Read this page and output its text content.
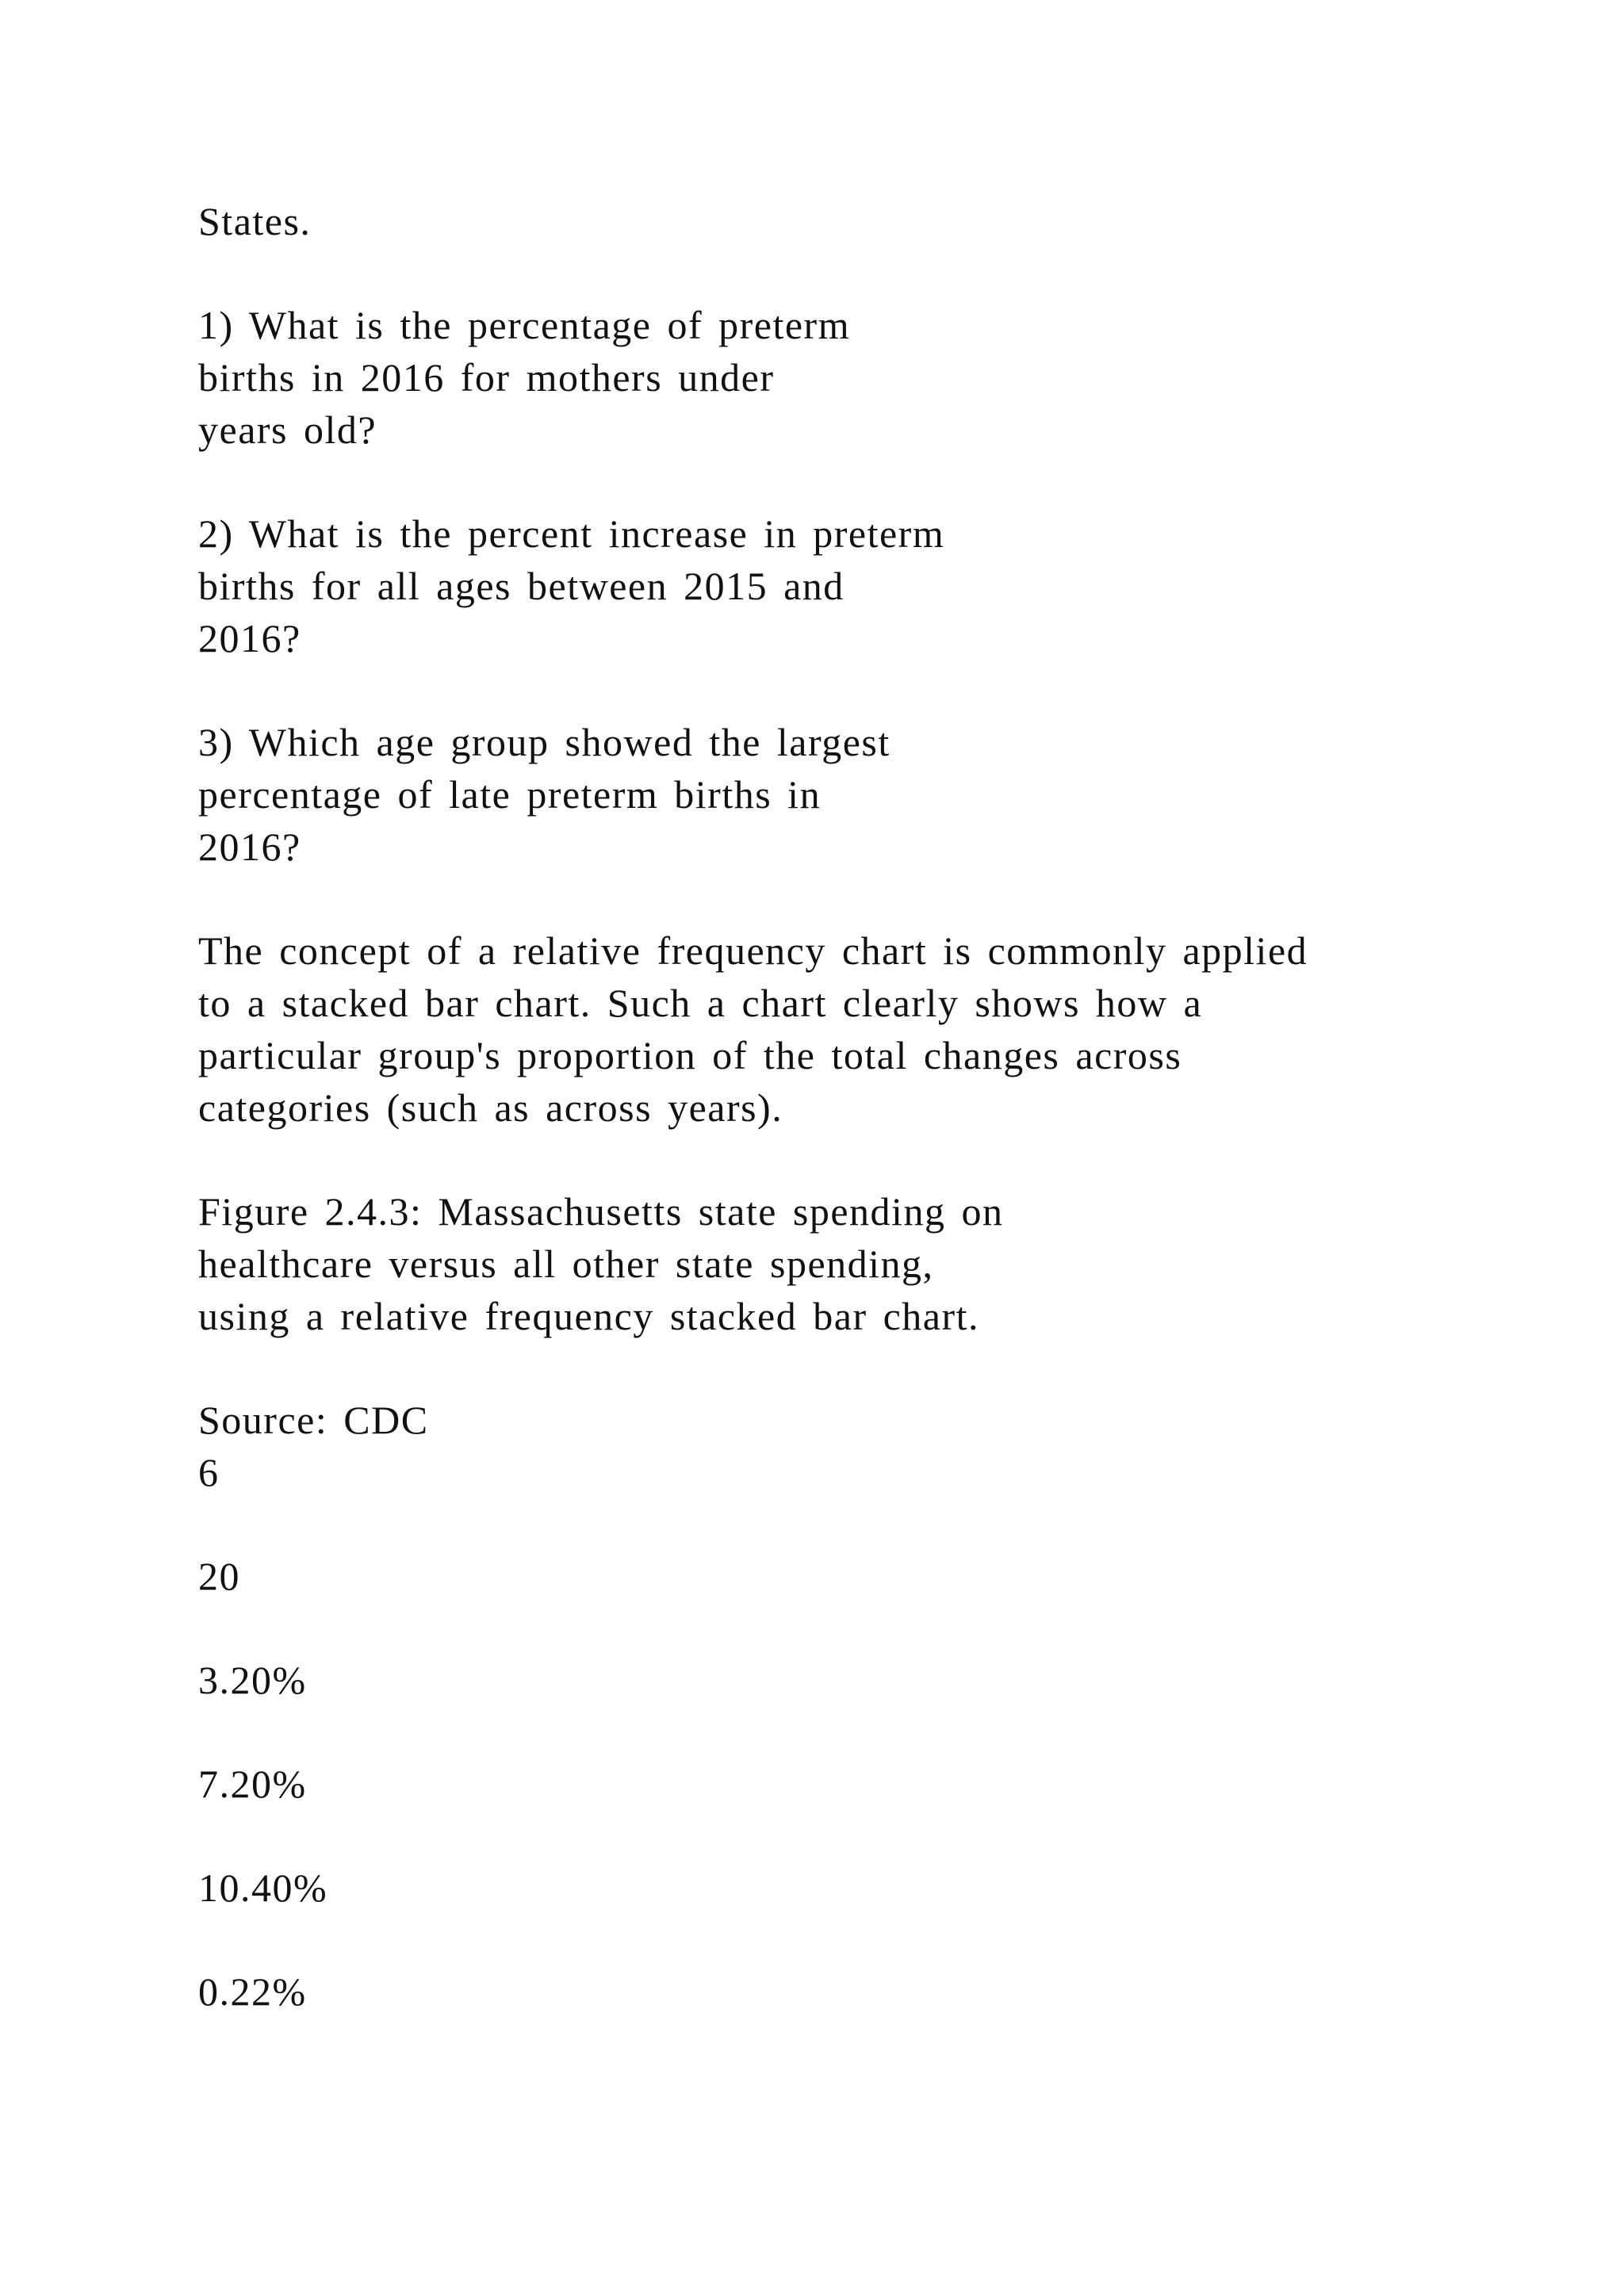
States.
1) What is the percentage of preterm
births in 2016 for mothers under
years old?
2) What is the percent increase in preterm
births for all ages between 2015 and
2016?
3) Which age group showed the largest
percentage of late preterm births in
2016?
The concept of a relative frequency chart is commonly applied
to a stacked bar chart. Such a chart clearly shows how a
particular group's proportion of the total changes across
categories (such as across years).
Figure 2.4.3: Massachusetts state spending on
healthcare versus all other state spending,
using a relative frequency stacked bar chart.
Source: CDC
6
20
3.20%
7.20%
10.40%
0.22%
